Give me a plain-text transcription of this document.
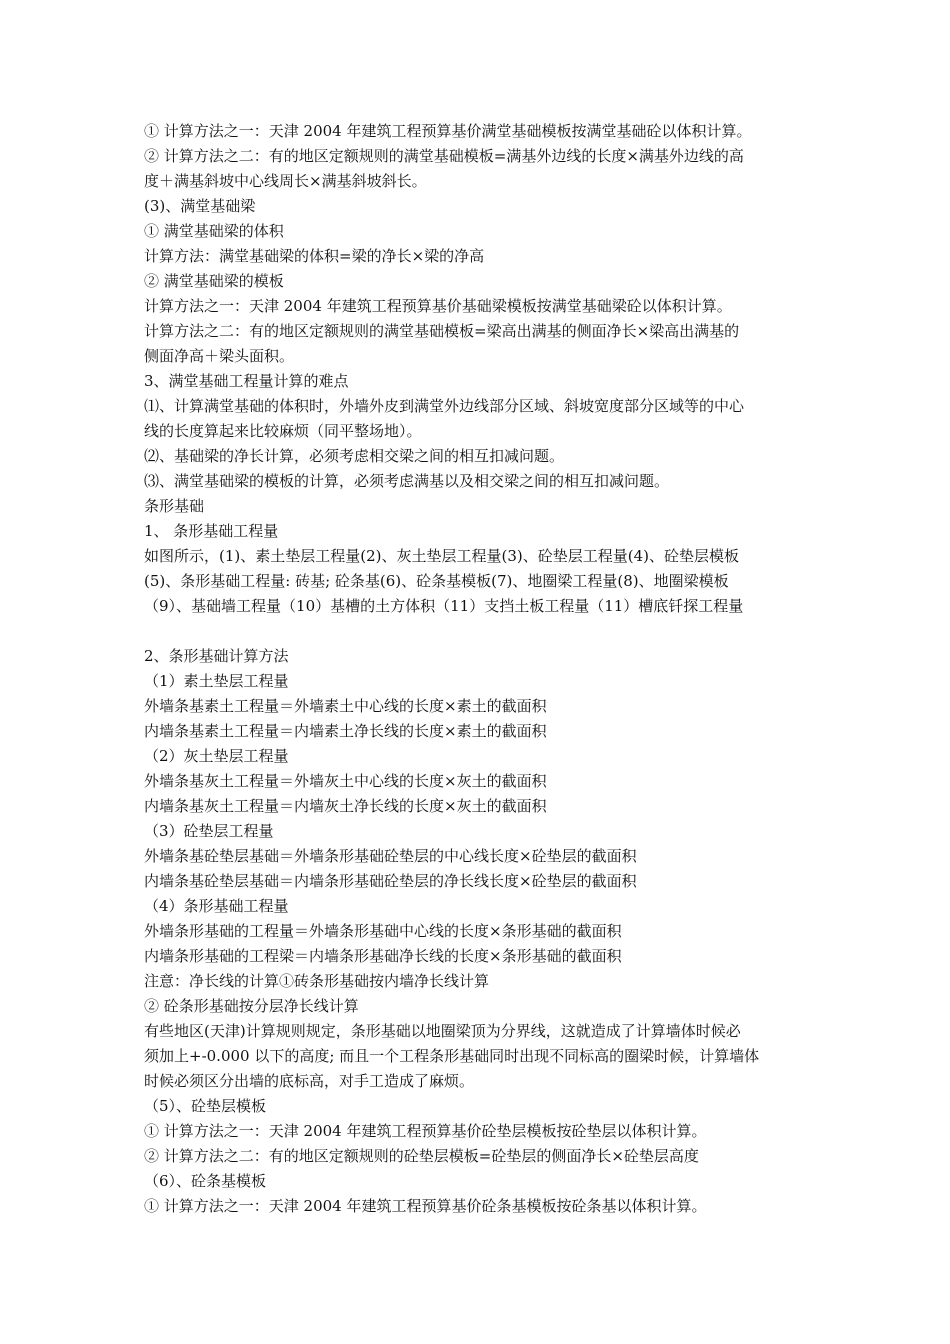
① 计算方法之一：天津 2004 年建筑工程预算基价满堂基础模板按满堂基础砼以体积计算。
② 计算方法之二：有的地区定额规则的满堂基础模板=满基外边线的长度×满基外边线的高
度＋满基斜坡中心线周长×满基斜坡斜长。
(3)、满堂基础梁
① 满堂基础梁的体积
计算方法：满堂基础梁的体积=梁的净长×梁的净高
② 满堂基础梁的模板
计算方法之一：天津 2004 年建筑工程预算基价基础梁模板按满堂基础梁砼以体积计算。
计算方法之二：有的地区定额规则的满堂基础模板=梁高出满基的侧面净长×梁高出满基的
侧面净高＋梁头面积。
3、满堂基础工程量计算的难点
⑴、计算满堂基础的体积时，外墙外皮到满堂外边线部分区域、斜坡宽度部分区域等的中心
线的长度算起来比较麻烦（同平整场地）。
⑵、基础梁的净长计算，必须考虑相交梁之间的相互扣减问题。
⑶、满堂基础梁的模板的计算，必须考虑满基以及相交梁之间的相互扣减问题。
条形基础
1、 条形基础工程量
如图所示，(1)、素土垫层工程量(2)、灰土垫层工程量(3)、砼垫层工程量(4)、砼垫层模板
(5)、条形基础工程量: 砖基; 砼条基(6)、砼条基模板(7)、地圈梁工程量(8)、地圈梁模板
（9）、基础墙工程量（10）基槽的土方体积（11）支挡土板工程量（11）槽底钎探工程量
2、条形基础计算方法
（1）素土垫层工程量
外墙条基素土工程量＝外墙素土中心线的长度×素土的截面积
内墙条基素土工程量＝内墙素土净长线的长度×素土的截面积
（2）灰土垫层工程量
外墙条基灰土工程量＝外墙灰土中心线的长度×灰土的截面积
内墙条基灰土工程量＝内墙灰土净长线的长度×灰土的截面积
（3）砼垫层工程量
外墙条基砼垫层基础＝外墙条形基础砼垫层的中心线长度×砼垫层的截面积
内墙条基砼垫层基础＝内墙条形基础砼垫层的净长线长度×砼垫层的截面积
（4）条形基础工程量
外墙条形基础的工程量＝外墙条形基础中心线的长度×条形基础的截面积
内墙条形基础的工程梁＝内墙条形基础净长线的长度×条形基础的截面积
注意：净长线的计算①砖条形基础按内墙净长线计算
② 砼条形基础按分层净长线计算
有些地区(天津)计算规则规定，条形基础以地圈梁顶为分界线，这就造成了计算墙体时候必
须加上+-0.000 以下的高度; 而且一个工程条形基础同时出现不同标高的圈梁时候，计算墙体
时候必须区分出墙的底标高，对手工造成了麻烦。
（5）、砼垫层模板
① 计算方法之一：天津 2004 年建筑工程预算基价砼垫层模板按砼垫层以体积计算。
② 计算方法之二：有的地区定额规则的砼垫层模板=砼垫层的侧面净长×砼垫层高度
（6）、砼条基模板
① 计算方法之一：天津 2004 年建筑工程预算基价砼条基模板按砼条基以体积计算。
